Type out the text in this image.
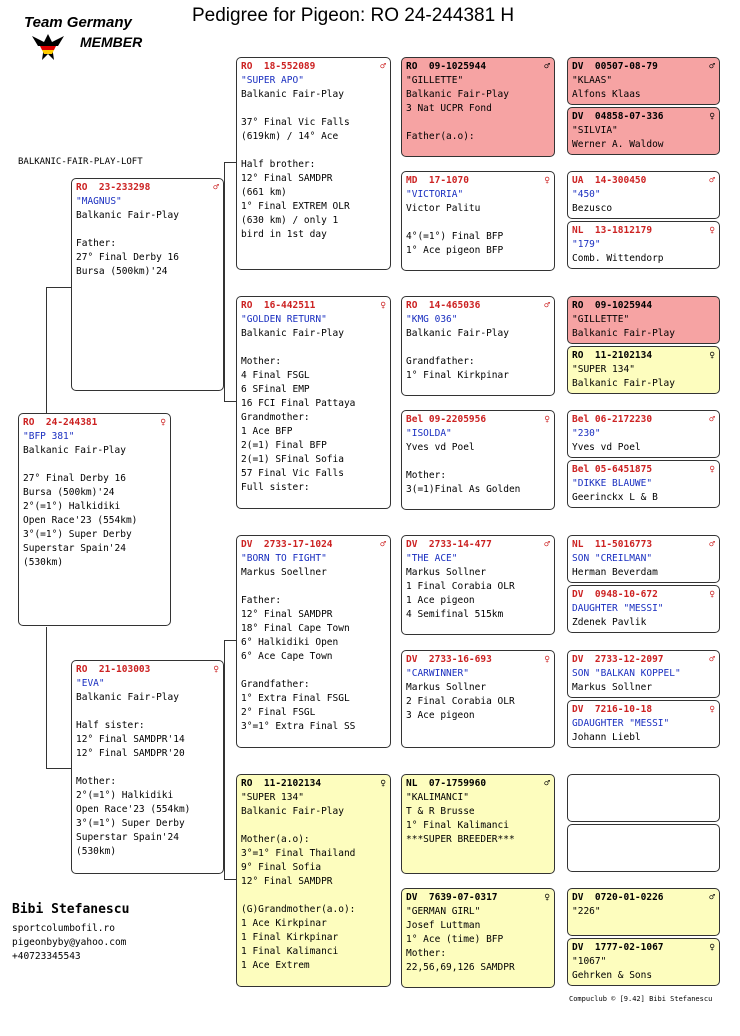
Pedigree for Pigeon: RO 24-244381 H
Team Germany
MEMBER
BALKANIC-FAIR-PLAY-LOFT
RO  24-244381	♀
"BFP 381"
Balkanic Fair-Play

27° Final Derby 16
Bursa (500km)'24
2°(=1°) Halkidiki
Open Race'23 (554km)
3°(=1°) Super Derby
Superstar Spain'24
(530km)
RO  23-233298	♂
"MAGNUS"
Balkanic Fair-Play

Father:
27° Final Derby 16
Bursa (500km)'24
RO  21-103003	♀
"EVA"
Balkanic Fair-Play

Half sister:
12° Final SAMDPR'14
12° Final SAMDPR'20

Mother:
2°(=1°) Halkidiki
Open Race'23 (554km)
3°(=1°) Super Derby
Superstar Spain'24
(530km)
RO  18-552089	♂
"SUPER APO"
Balkanic Fair-Play

37° Final Vic Falls
(619km) / 14° Ace

Half brother:
12° Final SAMDPR
(661 km)
1° Final EXTREM OLR
(630 km) / only 1
bird in 1st day
RO  16-442511	♀
"GOLDEN RETURN"
Balkanic Fair-Play

Mother:
4 Final FSGL
6 SFinal EMP
16 FCI Final Pattaya
Grandmother:
1 Ace BFP
2(=1) Final BFP
2(=1) SFinal Sofia
57 Final Vic Falls
Full sister:
DV  2733-17-1024	♂
"BORN TO FIGHT"
Markus Soellner

Father:
12° Final SAMDPR
18° Final Cape Town
6° Halkidiki Open
6° Ace Cape Town

Grandfather:
1° Extra Final FSGL
2° Final FSGL
3°=1° Extra Final SS
RO  11-2102134	♀
"SUPER 134"
Balkanic Fair-Play

Mother(a.o):
3°=1° Final Thailand
9° Final Sofia
12° Final SAMDPR

(G)Grandmother(a.o):
1 Ace Kirkpinar
1 Final Kirkpinar
1 Final Kalimanci
1 Ace Extrem
RO  09-1025944	♂
"GILLETTE"
Balkanic Fair-Play
3 Nat UCPR Fond

Father(a.o):
MD  17-1070	♀
"VICTORIA"
Victor Palitu

4°(=1°) Final BFP
1° Ace pigeon BFP
RO  14-465036	♂
"KMG 036"
Balkanic Fair-Play

Grandfather:
1° Final Kirkpinar
Bel 09-2205956	♀
"ISOLDA"
Yves vd Poel

Mother:
3(=1)Final As Golden
DV  2733-14-477	♂
"THE ACE"
Markus Sollner
1 Final Corabia OLR
1 Ace pigeon
4 Semifinal 515km
DV  2733-16-693	♀
"CARWINNER"
Markus Sollner
2 Final Corabia OLR
3 Ace pigeon
NL  07-1759960	♂
"KALIMANCI"
T & R Brusse
1° Final Kalimanci
***SUPER BREEDER***
DV  7639-07-0317	♀
"GERMAN GIRL"
Josef Luttman
1° Ace (time) BFP
Mother:
22,56,69,126 SAMDPR
DV  00507-08-79	♂
"KLAAS"
Alfons Klaas
DV  04858-07-336	♀
"SILVIA"
Werner A. Waldow
UA  14-300450	♂
"450"
Bezusco
NL  13-1812179	♀
"179"
Comb. Wittendorp
RO  09-1025944
"GILLETTE"
Balkanic Fair-Play
RO  11-2102134	♀
"SUPER 134"
Balkanic Fair-Play
Bel 06-2172230	♂
"230"
Yves vd Poel
Bel 05-6451875	♀
"DIKKE BLAUWE"
Geerinckx L & B
NL  11-5016773	♂
SON "CREILMAN"
Herman Beverdam
DV  0948-10-672	♀
DAUGHTER "MESSI"
Zdenek Pavlik
DV  2733-12-2097	♂
SON "BALKAN KOPPEL"
Markus Sollner
DV  7216-10-18	♀
GDAUGHTER "MESSI"
Johann Liebl
DV  0720-01-0226	♂
"226"
DV  1777-02-1067	♀
"1067"
Gehrken & Sons
Bibi Stefanescu
sportcolumbofil.ro
pigeonbyby@yahoo.com
+40723345543
Compuclub © [9.42] Bibi Stefanescu
